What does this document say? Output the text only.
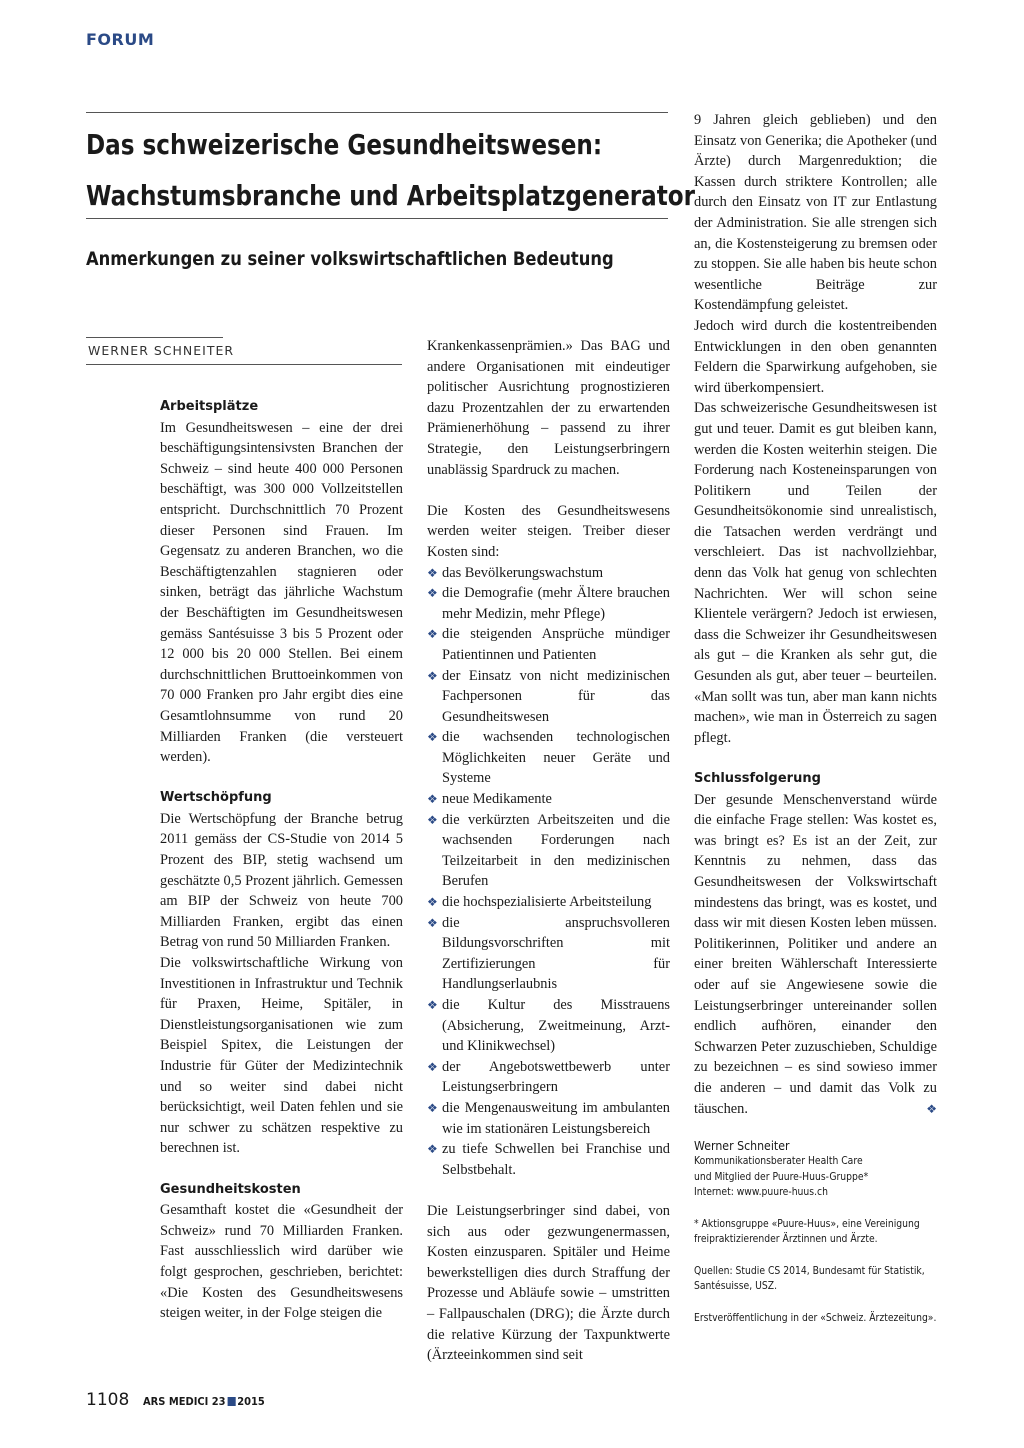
FORUM
Das schweizerische Gesundheitswesen:
Wachstumsbranche und Arbeitsplatzgenerator
Anmerkungen zu seiner volkswirtschaftlichen Bedeutung
WERNER SCHNEITER
Arbeitsplätze

Im Gesundheitswesen – eine der drei beschäftigungsintensivsten Branchen der Schweiz – sind heute 400 000 Personen beschäftigt, was 300 000 Vollzeitstellen entspricht. Durchschnittlich 70 Prozent dieser Personen sind Frauen. Im Gegensatz zu anderen Branchen, wo die Beschäftigtenzahlen stagnieren oder sinken, beträgt das jährliche Wachstum der Beschäftigten im Gesundheitswesen gemäss Santésuisse 3 bis 5 Prozent oder 12 000 bis 20 000 Stellen. Bei einem durchschnittlichen Bruttoeinkommen von 70 000 Franken pro Jahr ergibt dies eine Gesamtlohnsumme von rund 20 Milliarden Franken (die versteuert werden).

Wertschöpfung

Die Wertschöpfung der Branche betrug 2011 gemäss der CS-Studie von 2014 5 Prozent des BIP, stetig wachsend um geschätzte 0,5 Prozent jährlich. Gemessen am BIP der Schweiz von heute 700 Milliarden Franken, ergibt das einen Betrag von rund 50 Milliarden Franken.

Die volkswirtschaftliche Wirkung von Investitionen in Infrastruktur und Technik für Praxen, Heime, Spitäler, in Dienstleistungsorganisationen wie zum Beispiel Spitex, die Leistungen der Industrie für Güter der Medizintechnik und so weiter sind dabei nicht berücksichtigt, weil Daten fehlen und sie nur schwer zu schätzen respektive zu berechnen ist.

Gesundheitskosten

Gesamthaft kostet die «Gesundheit der Schweiz» rund 70 Milliarden Franken. Fast ausschliesslich wird darüber wie folgt gesprochen, geschrieben, berichtet: «Die Kosten des Gesundheitswesens steigen weiter, in der Folge steigen die

Krankenkassenprämien.» Das BAG und andere Organisationen mit eindeutiger politischer Ausrichtung prognostizieren dazu Prozentzahlen der zu erwartenden Prämienerhöhung – passend zu ihrer Strategie, den Leistungserbringern unablässig Spardruck zu machen.

Die Kosten des Gesundheitswesens werden weiter steigen. Treiber dieser Kosten sind:

❖ das Bevölkerungswachstum
❖ die Demografie (mehr Ältere brauchen mehr Medizin, mehr Pflege)
❖ die steigenden Ansprüche mündiger Patientinnen und Patienten
❖ der Einsatz von nicht medizinischen Fachpersonen für das Gesundheitswesen
❖ die wachsenden technologischen Möglichkeiten neuer Geräte und Systeme
❖ neue Medikamente
❖ die verkürzten Arbeitszeiten und die wachsenden Forderungen nach Teilzeitarbeit in den medizinischen Berufen
❖ die hochspezialisierte Arbeitsteilung
❖ die anspruchsvolleren Bildungsvorschriften mit Zertifizierungen für Handlungserlaubnis
❖ die Kultur des Misstrauens (Absicherung, Zweitmeinung, Arzt- und Klinikwechsel)
❖ der Angebotswettbewerb unter Leistungserbringern
❖ die Mengenausweitung im ambulanten wie im stationären Leistungsbereich
❖ zu tiefe Schwellen bei Franchise und Selbstbehalt.

Die Leistungserbringer sind dabei, von sich aus oder gezwungenermassen, Kosten einzusparen. Spitäler und Heime bewerkstelligen dies durch Straffung der Prozesse und Abläufe sowie – umstritten – Fallpauschalen (DRG); die Ärzte durch die relative Kürzung der Taxpunktwerte (Ärzteeinkommen sind seit

9 Jahren gleich geblieben) und den Einsatz von Generika; die Apotheker (und Ärzte) durch Margenreduktion; die Kassen durch striktere Kontrollen; alle durch den Einsatz von IT zur Entlastung der Administration. Sie alle strengen sich an, die Kostensteigerung zu bremsen oder zu stoppen. Sie alle haben bis heute schon wesentliche Beiträge zur Kostendämpfung geleistet.

Jedoch wird durch die kostentreibenden Entwicklungen in den oben genannten Feldern die Sparwirkung aufgehoben, sie wird überkompensiert.

Das schweizerische Gesundheitswesen ist gut und teuer. Damit es gut bleiben kann, werden die Kosten weiterhin steigen. Die Forderung nach Kosteneinsparungen von Politikern und Teilen der Gesundheitsökonomie sind unrealistisch, die Tatsachen werden verdrängt und verschleiert. Das ist nachvollziehbar, denn das Volk hat genug von schlechten Nachrichten. Wer will schon seine Klientele verärgern? Jedoch ist erwiesen, dass die Schweizer ihr Gesundheitswesen als gut – die Kranken als sehr gut, die Gesunden als gut, aber teuer – beurteilen. «Man sollt was tun, aber man kann nichts machen», wie man in Österreich zu sagen pflegt.

Schlussfolgerung

Der gesunde Menschenverstand würde die einfache Frage stellen: Was kostet es, was bringt es? Es ist an der Zeit, zur Kenntnis zu nehmen, dass das Gesundheitswesen der Volkswirtschaft mindestens das bringt, was es kostet, und dass wir mit diesen Kosten leben müssen. Politikerinnen, Politiker und andere an einer breiten Wählerschaft Interessierte oder auf sie Angewiesene sowie die Leistungserbringer untereinander sollen endlich aufhören, einander den Schwarzen Peter zuzuschieben, Schuldige zu bezeichnen – es sind sowieso immer die anderen – und damit das Volk zu täuschen.	❖

Werner Schneiter
Kommunikationsberater Health Care
und Mitglied der Puure-Huus-Gruppe*
Internet: www.puure-huus.ch
* Aktionsgruppe «Puure-Huus», eine Vereinigung
freipraktizierender Ärztinnen und Ärzte.
Quellen: Studie CS 2014, Bundesamt für Statistik,
Santésuisse, USZ.
Erstveröffentlichung in der «Schweiz. Ärztezeitung».
1108 ARS MEDICI 23 2015
